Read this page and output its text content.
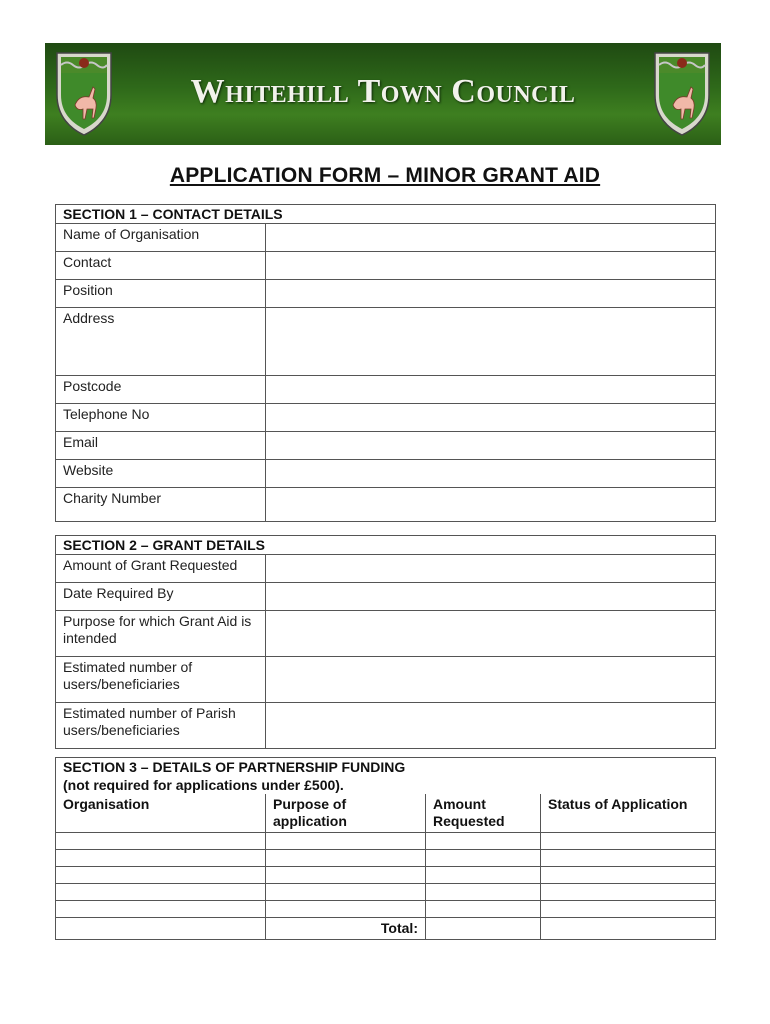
Whitehill Town Council
APPLICATION FORM – MINOR GRANT AID
SECTION 1 – CONTACT DETAILS	
Name of Organisation	
Contact	
Position	
Address	
Postcode	
Telephone No	
Email	
Website	
Charity Number	
SECTION 2 – GRANT DETAILS	
Amount of Grant Requested	
Date Required By	
Purpose for which Grant Aid is intended	
Estimated number of users/beneficiaries	
Estimated number of Parish users/beneficiaries	
SECTION 3 – DETAILS OF PARTNERSHIP FUNDING			
(not required for applications under £500).			
Organisation	Purpose of application	Amount Requested	Status of Application

	Total:		
